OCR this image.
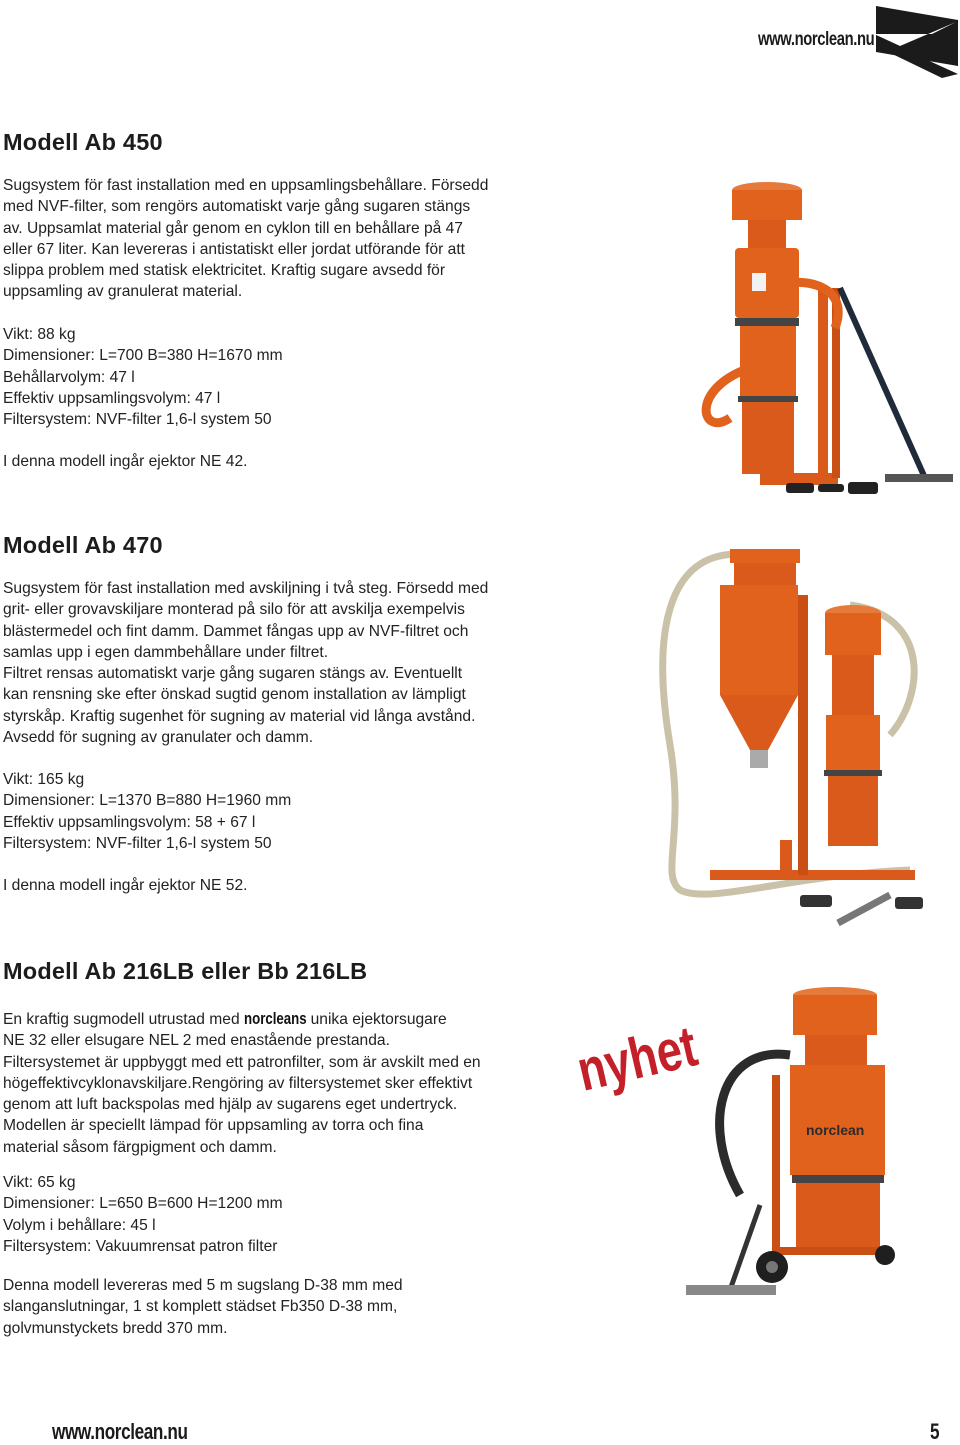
www.norclean.nu
Modell Ab 450

Sugsystem för fast installation med en uppsamlingsbehållare. Försedd

med NVF-filter, som rengörs automatiskt varje gång sugaren stängs

av. Uppsamlat material går genom en cyklon till en behållare på 47

eller 67 liter. Kan levereras i antistatiskt eller jordat utförande för att

slippa problem med statisk elektricitet. Kraftig sugare avsedd för

uppsamling av granulerat material.

Vikt: 88 kg

Dimensioner: L=700 B=380 H=1670 mm

Behållarvolym: 47 l

Effektiv uppsamlingsvolym: 47 l

Filtersystem: NVF-filter 1,6-l system 50

I denna modell ingår ejektor NE 42.

Modell Ab 470

Sugsystem för fast installation med avskiljning i två steg. Försedd med

grit- eller grovavskiljare monterad på silo för att avskilja exempelvis

blästermedel och fint damm. Dammet fångas upp av NVF-filtret och

samlas upp i egen dammbehållare under filtret.

Filtret rensas automatiskt varje gång sugaren stängs av. Eventuellt

kan rensning ske efter önskad sugtid genom installation av lämpligt

styrskåp. Kraftig sugenhet för sugning av material vid långa avstånd.

Avsedd för sugning av granulater och damm.

Vikt: 165 kg

Dimensioner: L=1370 B=880 H=1960 mm

Effektiv uppsamlingsvolym: 58 + 67 l

Filtersystem: NVF-filter 1,6-l system 50

I denna modell ingår ejektor NE 52.

Modell Ab 216LB eller Bb 216LB

En kraftig sugmodell utrustad med norcleans unika ejektorsugare

NE 32 eller elsugare NEL 2 med enastående prestanda.

Filtersystemet är uppbyggt med ett patronfilter, som är avskilt med en

högeffektivcyklonavskiljare.Rengöring av filtersystemet sker effektivt

genom att luft backspolas med hjälp av sugarens eget undertryck.

Modellen är speciellt lämpad för uppsamling av torra och fina

material såsom färgpigment och damm.

Vikt: 65 kg

Dimensioner: L=650 B=600 H=1200 mm

Volym i behållare: 45 l

Filtersystem: Vakuumrensat patron filter

Denna modell levereras med 5 m sugslang D-38 mm med

slanganslutningar, 1 st komplett städset Fb350 D-38 mm,

golvmunstyckets bredd 370 mm.

nyhet
norclean
www.norclean.nu	5
